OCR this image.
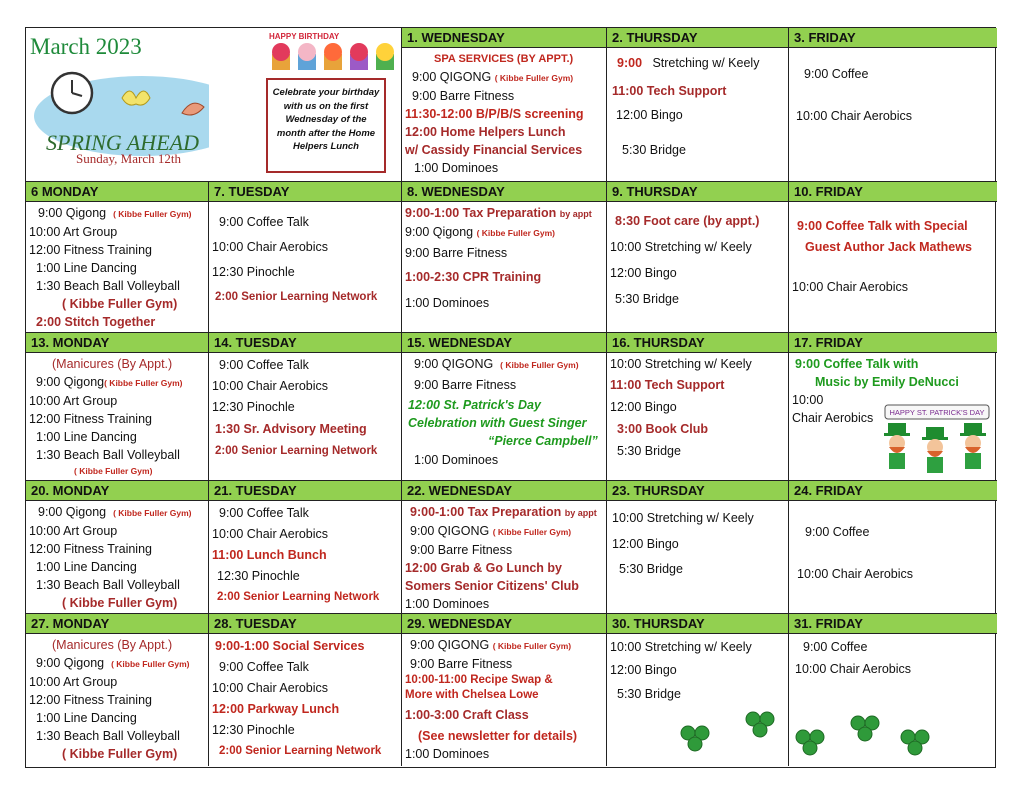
March 2023
SPRING AHEAD
Sunday, March 12th
HAPPY BIRTHDAY
Celebrate your birthday with us on the first Wednesday of the month after the Home Helpers Lunch
1. WEDNESDAY
SPA SERVICES (BY APPT.)
9:00 QIGONG ( Kibbe Fuller Gym)
9:00 Barre Fitness
11:30-12:00 B/P/B/S screening
12:00 Home Helpers Lunch
w/ Cassidy Financial Services
1:00 Dominoes
2. THURSDAY
9:00 Stretching w/ Keely
11:00 Tech Support
12:00 Bingo
5:30 Bridge
3. FRIDAY
9:00 Coffee
10:00 Chair Aerobics
6 MONDAY
9:00 Qigong ( Kibbe Fuller Gym)
10:00 Art Group
12:00 Fitness Training
1:00 Line Dancing
1:30 Beach Ball Volleyball
( Kibbe Fuller Gym)
2:00 Stitch Together
7. TUESDAY
9:00 Coffee Talk
10:00 Chair Aerobics
12:30 Pinochle
2:00 Senior Learning Network
8. WEDNESDAY
9:00-1:00 Tax Preparation by appt
9:00 Qigong ( Kibbe Fuller Gym)
9:00 Barre Fitness
1:00-2:30 CPR Training
1:00 Dominoes
9. THURSDAY
8:30 Foot care (by appt.)
10:00 Stretching w/ Keely
12:00 Bingo
5:30 Bridge
10. FRIDAY
9:00 Coffee Talk with Special
Guest Author Jack Mathews
10:00 Chair Aerobics
13. MONDAY
(Manicures (By Appt.)
9:00 Qigong( Kibbe Fuller Gym)
10:00 Art Group
12:00 Fitness Training
1:00 Line Dancing
1:30 Beach Ball Volleyball
( Kibbe Fuller Gym)
14. TUESDAY
9:00 Coffee Talk
10:00 Chair Aerobics
12:30 Pinochle
1:30 Sr. Advisory Meeting
2:00 Senior Learning Network
15. WEDNESDAY
9:00 QIGONG ( Kibbe Fuller Gym)
9:00 Barre Fitness
12:00 St. Patrick's Day
Celebration with Guest Singer
“Pierce Campbell”
1:00 Dominoes
16. THURSDAY
10:00 Stretching w/ Keely
11:00 Tech Support
12:00 Bingo
3:00 Book Club
5:30 Bridge
17. FRIDAY
9:00 Coffee Talk with
Music by Emily DeNucci
10:00
Chair Aerobics	HAPPY ST. PATRICK'S DAY
20. MONDAY
9:00 Qigong ( Kibbe Fuller Gym)
10:00 Art Group
12:00 Fitness Training
1:00 Line Dancing
1:30 Beach Ball Volleyball
( Kibbe Fuller Gym)
21. TUESDAY
9:00 Coffee Talk
10:00 Chair Aerobics
11:00 Lunch Bunch
12:30 Pinochle
2:00 Senior Learning Network
22. WEDNESDAY
9:00-1:00 Tax Preparation by appt
9:00 QIGONG ( Kibbe Fuller Gym)
9:00 Barre Fitness
12:00 Grab & Go Lunch by
Somers Senior Citizens' Club
1:00 Dominoes
23. THURSDAY
10:00 Stretching w/ Keely
12:00 Bingo
5:30 Bridge
24. FRIDAY
9:00 Coffee
10:00 Chair Aerobics
27. MONDAY
(Manicures (By Appt.)
9:00 Qigong ( Kibbe Fuller Gym)
10:00 Art Group
12:00 Fitness Training
1:00 Line Dancing
1:30 Beach Ball Volleyball
( Kibbe Fuller Gym)
28. TUESDAY
9:00-1:00 Social Services
9:00 Coffee Talk
10:00 Chair Aerobics
12:00 Parkway Lunch
12:30 Pinochle
2:00 Senior Learning Network
29. WEDNESDAY
9:00 QIGONG ( Kibbe Fuller Gym)
9:00 Barre Fitness
10:00-11:00 Recipe Swap &
More with Chelsea Lowe
1:00-3:00 Craft Class
(See newsletter for details)
1:00 Dominoes
30. THURSDAY
10:00 Stretching w/ Keely
12:00 Bingo
5:30 Bridge
31. FRIDAY
9:00 Coffee
10:00 Chair Aerobics
